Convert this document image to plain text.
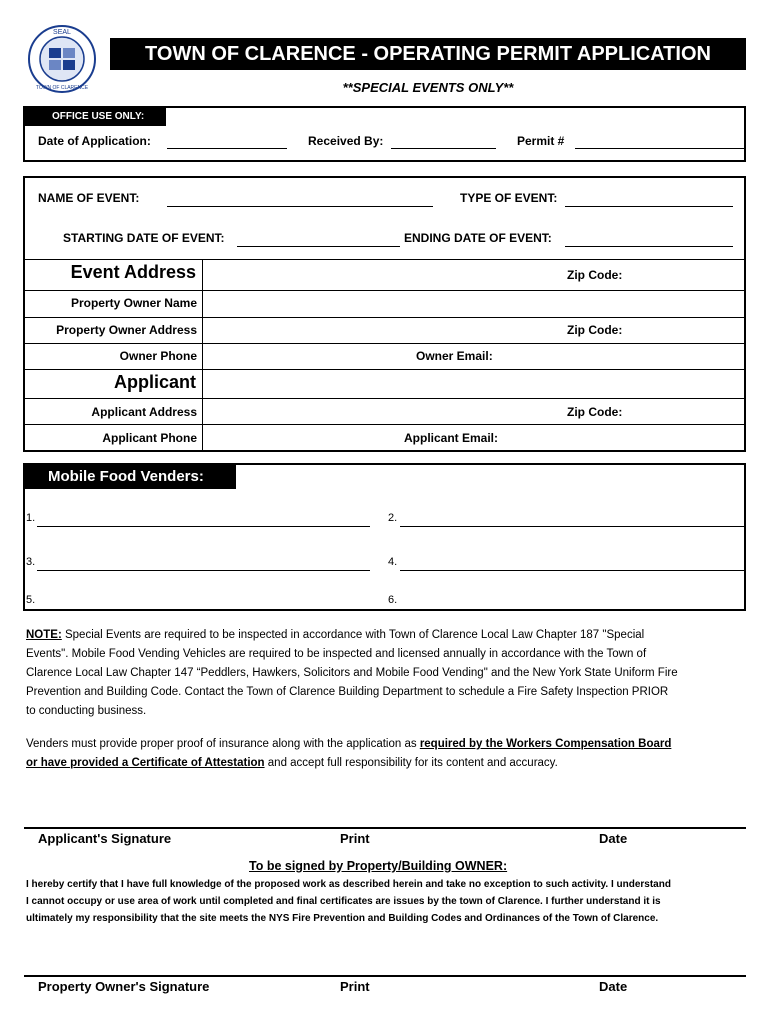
SEAL
TOWN OF CLARENCE
TOWN OF CLARENCE - OPERATING PERMIT APPLICATION
**SPECIAL EVENTS ONLY**
OFFICE USE ONLY:
Date of Application:	Received By:	Permit #
NAME OF EVENT:	TYPE OF EVENT:
STARTING DATE OF EVENT:	ENDING DATE OF EVENT:
Event Address	Zip Code:
Property Owner Name
Property Owner Address	Zip Code:
Owner Phone	Owner Email:
Applicant
Applicant Address	Zip Code:
Applicant Phone	Applicant Email:
Mobile Food Venders:
1.	2.
3.	4.
5.	6.
NOTE: Special Events are required to be inspected in accordance with Town of Clarence Local Law Chapter 187 "Special
Events". Mobile Food Vending Vehicles are required to be inspected and licensed annually in accordance with the Town of
Clarence Local Law Chapter 147 “Peddlers, Hawkers, Solicitors and Mobile Food Vending" and the New York State Uniform Fire
Prevention and Building Code. Contact the Town of Clarence Building Department to schedule a Fire Safety Inspection PRIOR
to conducting business.
Venders must provide proper proof of insurance along with the application as required by the Workers Compensation Board
or have provided a Certificate of Attestation and accept full responsibility for its content and accuracy.
Applicant's Signature	Print	Date
To be signed by Property/Building OWNER:
I hereby certify that I have full knowledge of the proposed work as described herein and take no exception to such activity. I understand
I cannot occupy or use area of work until completed and final certificates are issues by the town of Clarence. I further understand it is
ultimately my responsibility that the site meets the NYS Fire Prevention and Building Codes and Ordinances of the Town of Clarence.
Property Owner's Signature	Print	Date
